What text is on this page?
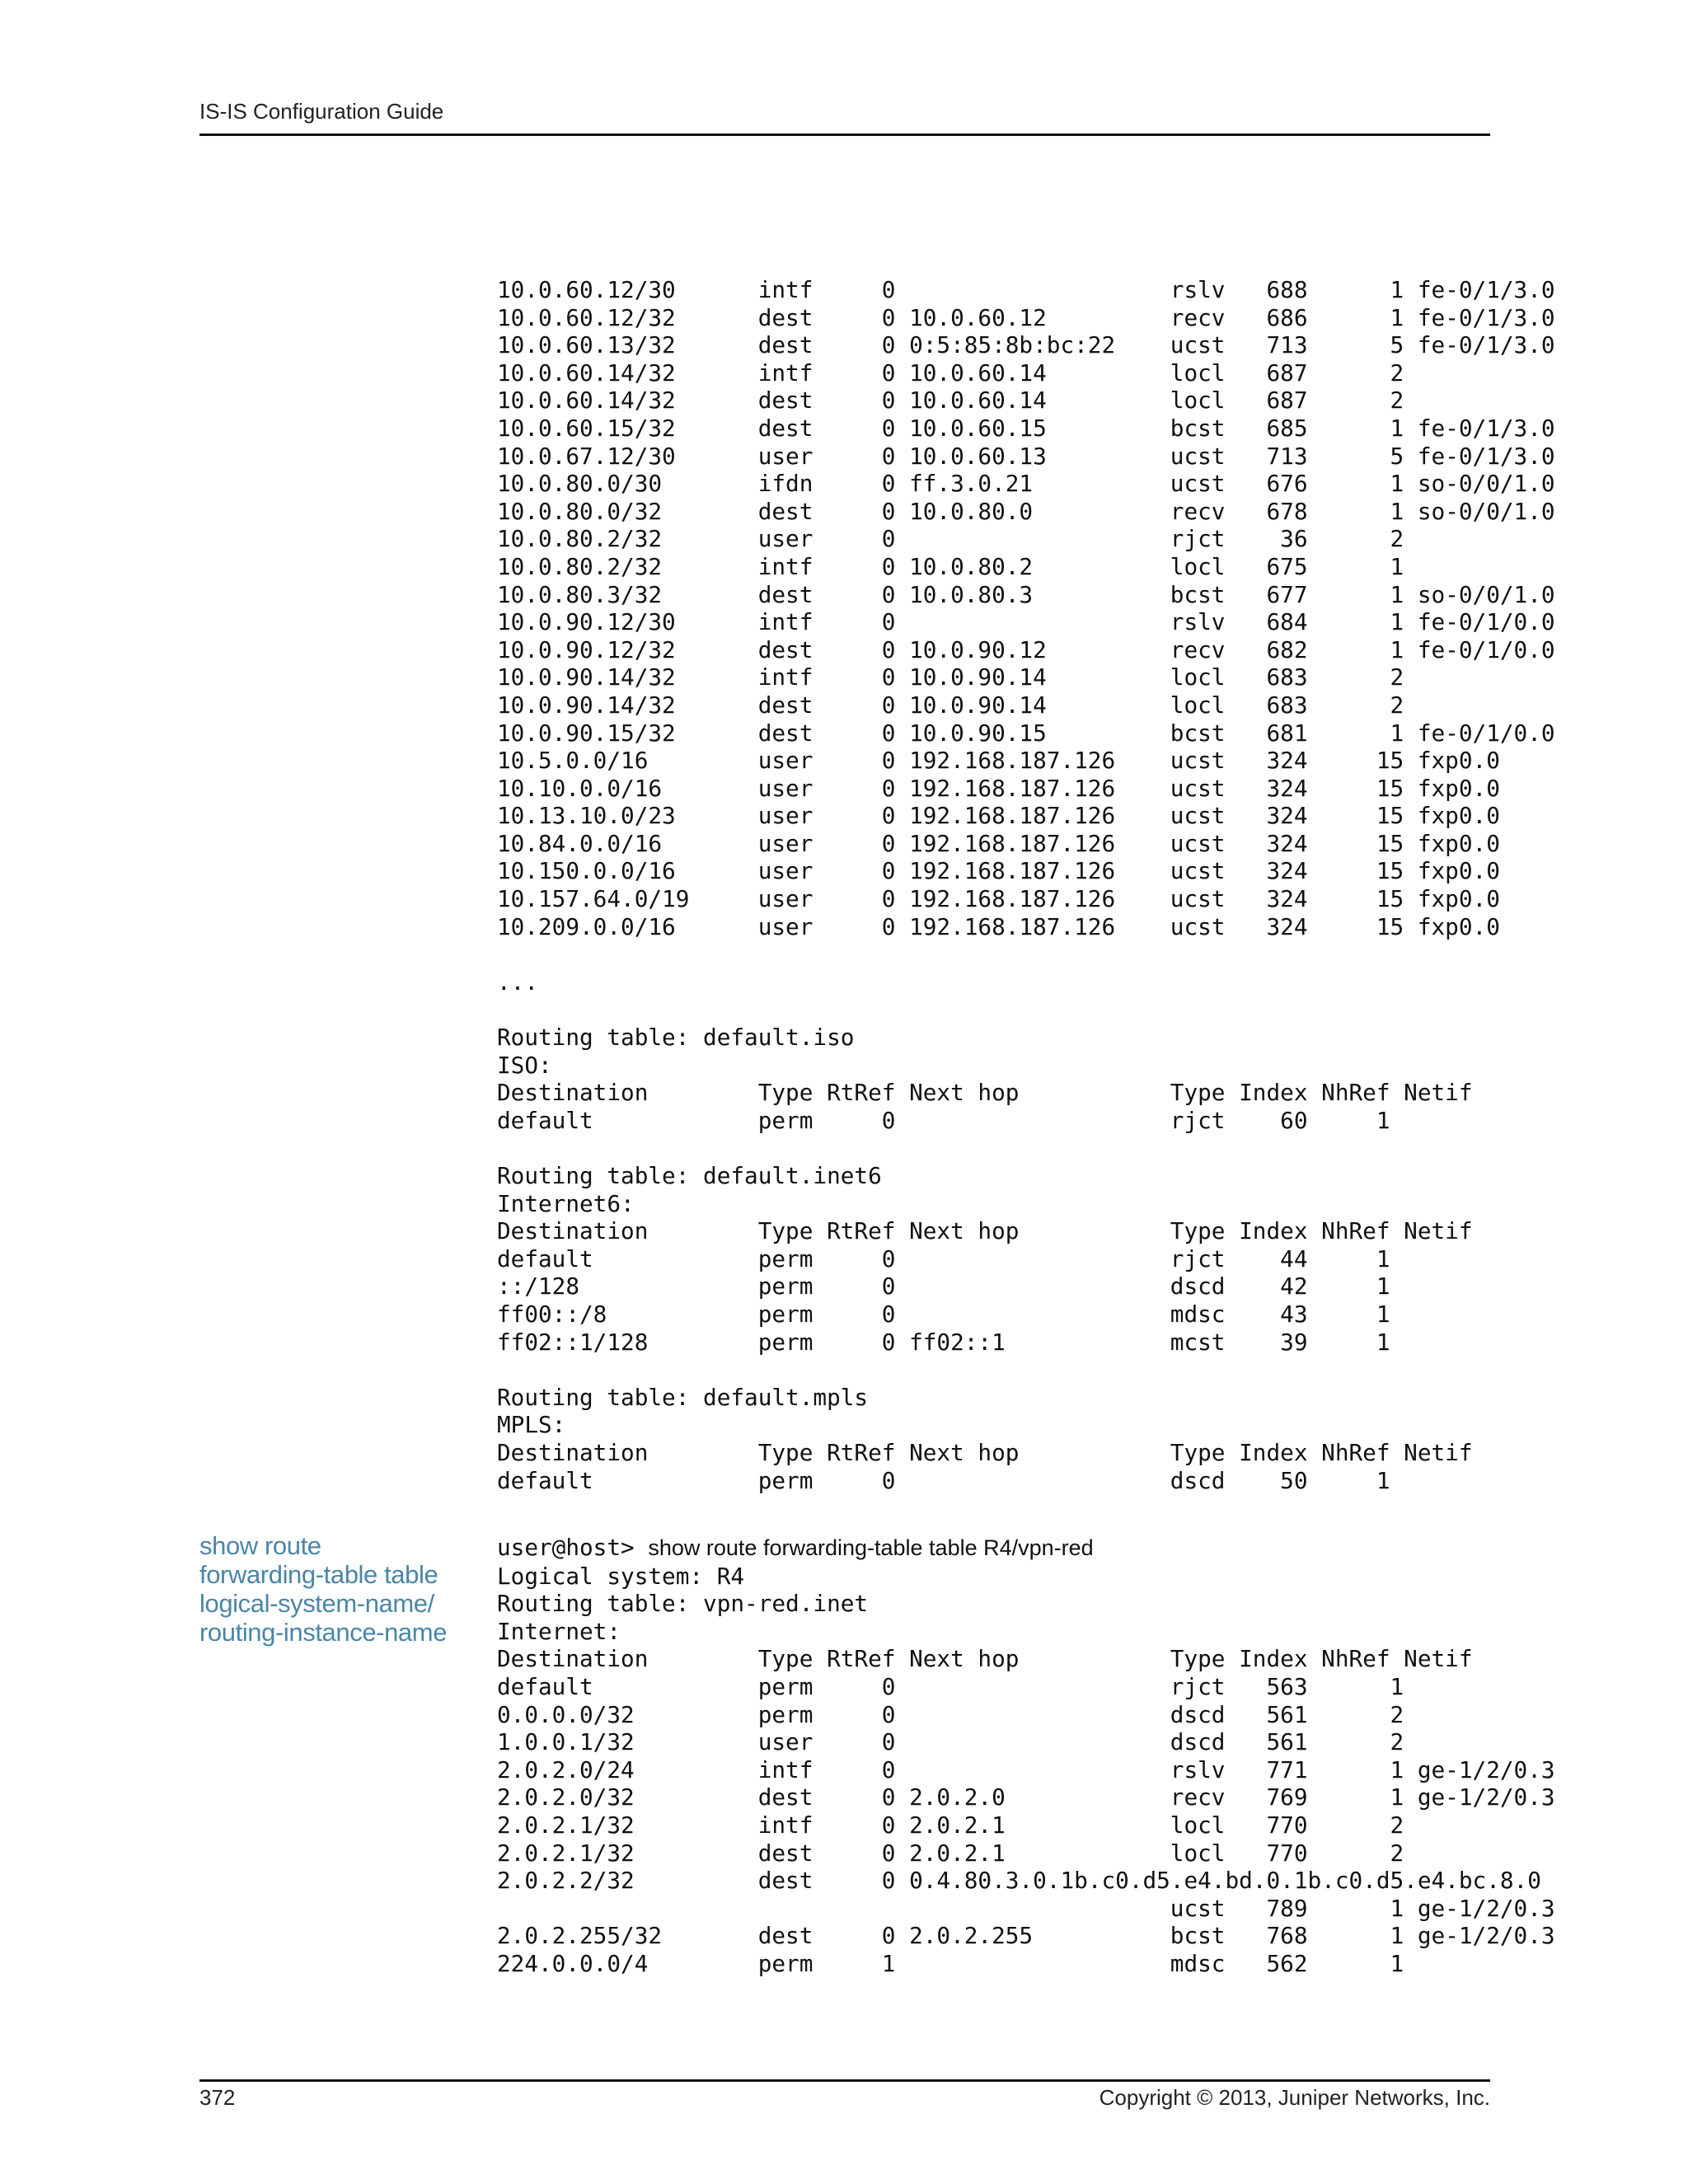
IS-IS Configuration Guide
10.0.60.12/30      intf     0                    rslv   688      1 fe-0/1/3.0
10.0.60.12/32      dest     0 10.0.60.12         recv   686      1 fe-0/1/3.0
10.0.60.13/32      dest     0 0:5:85:8b:bc:22    ucst   713      5 fe-0/1/3.0
10.0.60.14/32      intf     0 10.0.60.14         locl   687      2
10.0.60.14/32      dest     0 10.0.60.14         locl   687      2
10.0.60.15/32      dest     0 10.0.60.15         bcst   685      1 fe-0/1/3.0
10.0.67.12/30      user     0 10.0.60.13         ucst   713      5 fe-0/1/3.0
10.0.80.0/30       ifdn     0 ff.3.0.21          ucst   676      1 so-0/0/1.0
10.0.80.0/32       dest     0 10.0.80.0          recv   678      1 so-0/0/1.0
10.0.80.2/32       user     0                    rjct    36      2
10.0.80.2/32       intf     0 10.0.80.2          locl   675      1
10.0.80.3/32       dest     0 10.0.80.3          bcst   677      1 so-0/0/1.0
10.0.90.12/30      intf     0                    rslv   684      1 fe-0/1/0.0
10.0.90.12/32      dest     0 10.0.90.12         recv   682      1 fe-0/1/0.0
10.0.90.14/32      intf     0 10.0.90.14         locl   683      2
10.0.90.14/32      dest     0 10.0.90.14         locl   683      2
10.0.90.15/32      dest     0 10.0.90.15         bcst   681      1 fe-0/1/0.0
10.5.0.0/16        user     0 192.168.187.126    ucst   324     15 fxp0.0
10.10.0.0/16       user     0 192.168.187.126    ucst   324     15 fxp0.0
10.13.10.0/23      user     0 192.168.187.126    ucst   324     15 fxp0.0
10.84.0.0/16       user     0 192.168.187.126    ucst   324     15 fxp0.0
10.150.0.0/16      user     0 192.168.187.126    ucst   324     15 fxp0.0
10.157.64.0/19     user     0 192.168.187.126    ucst   324     15 fxp0.0
10.209.0.0/16      user     0 192.168.187.126    ucst   324     15 fxp0.0

...

Routing table: default.iso
ISO:
Destination        Type RtRef Next hop           Type Index NhRef Netif
default            perm     0                    rjct    60     1

Routing table: default.inet6
Internet6:
Destination        Type RtRef Next hop           Type Index NhRef Netif
default            perm     0                    rjct    44     1
::/128             perm     0                    dscd    42     1
ff00::/8           perm     0                    mdsc    43     1
ff02::1/128        perm     0 ff02::1            mcst    39     1

Routing table: default.mpls
MPLS:
Destination        Type RtRef Next hop           Type Index NhRef Netif
default            perm     0                    dscd    50     1
show route
forwarding-table table
logical-system-name/
routing-instance-name
user@host> show route forwarding-table table R4/vpn-red
Logical system: R4
Routing table: vpn-red.inet
Internet:
Destination        Type RtRef Next hop           Type Index NhRef Netif
default            perm     0                    rjct   563      1
0.0.0.0/32         perm     0                    dscd   561      2
1.0.0.1/32         user     0                    dscd   561      2
2.0.2.0/24         intf     0                    rslv   771      1 ge-1/2/0.3
2.0.2.0/32         dest     0 2.0.2.0            recv   769      1 ge-1/2/0.3
2.0.2.1/32         intf     0 2.0.2.1            locl   770      2
2.0.2.1/32         dest     0 2.0.2.1            locl   770      2
2.0.2.2/32         dest     0 0.4.80.3.0.1b.c0.d5.e4.bd.0.1b.c0.d5.e4.bc.8.0
ucst   789      1 ge-1/2/0.3
2.0.2.255/32       dest     0 2.0.2.255          bcst   768      1 ge-1/2/0.3
224.0.0.0/4        perm     1                    mdsc   562      1
372	Copyright © 2013, Juniper Networks, Inc.
